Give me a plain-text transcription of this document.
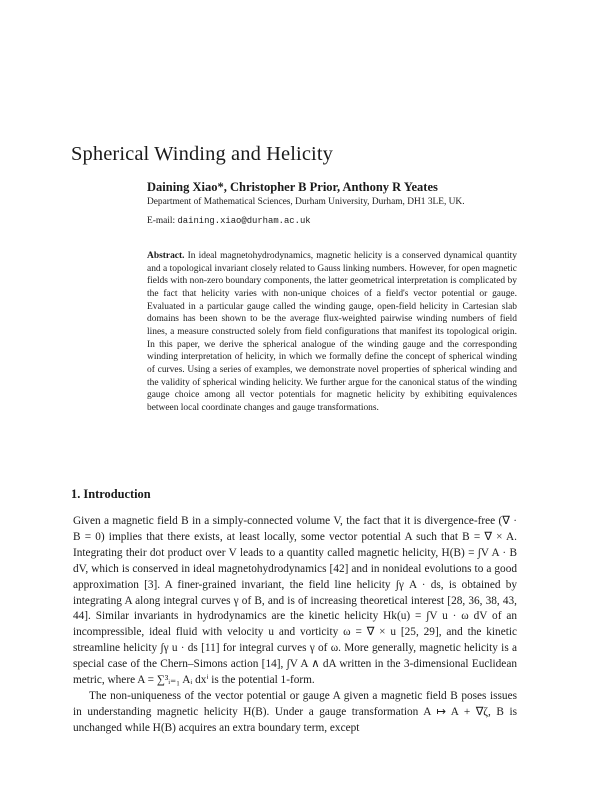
Spherical Winding and Helicity

Daining Xiao*, Christopher B Prior, Anthony R Yeates

Department of Mathematical Sciences, Durham University, Durham, DH1 3LE, UK.

E-mail: daining.xiao@durham.ac.uk

Abstract. In ideal magnetohydrodynamics, magnetic helicity is a conserved dynamical quantity and a topological invariant closely related to Gauss linking numbers. However, for open magnetic fields with non-zero boundary components, the latter geometrical interpretation is complicated by the fact that helicity varies with non-unique choices of a field's vector potential or gauge. Evaluated in a particular gauge called the winding gauge, open-field helicity in Cartesian slab domains has been shown to be the average flux-weighted pairwise winding numbers of field lines, a measure constructed solely from field configurations that manifest its topological origin. In this paper, we derive the spherical analogue of the winding gauge and the corresponding winding interpretation of helicity, in which we formally define the concept of spherical winding of curves. Using a series of examples, we demonstrate novel properties of spherical winding and the validity of spherical winding helicity. We further argue for the canonical status of the winding gauge choice among all vector potentials for magnetic helicity by exhibiting equivalences between local coordinate changes and gauge transformations.

1. Introduction

Given a magnetic field B in a simply-connected volume V, the fact that it is divergence-free (∇ · B = 0) implies that there exists, at least locally, some vector potential A such that B = ∇ × A. Integrating their dot product over V leads to a quantity called magnetic helicity, H(B) = ∫V A · B dV, which is conserved in ideal magnetohydrodynamics [42] and in nonideal evolutions to a good approximation [3]. A finer-grained invariant, the field line helicity ∫γ A · ds, is obtained by integrating A along integral curves γ of B, and is of increasing theoretical interest [28, 36, 38, 43, 44]. Similar invariants in hydrodynamics are the kinetic helicity Hk(u) = ∫V u · ω dV of an incompressible, ideal fluid with velocity u and vorticity ω = ∇ × u [25, 29], and the kinetic streamline helicity ∫γ u · ds [11] for integral curves γ of ω. More generally, magnetic helicity is a special case of the Chern–Simons action [14], ∫V A ∧ dA written in the 3-dimensional Euclidean metric, where A = ∑³ᵢ₌₁ Aᵢ dxⁱ is the potential 1-form.

The non-uniqueness of the vector potential or gauge A given a magnetic field B poses issues in understanding magnetic helicity H(B). Under a gauge transformation A ↦ A + ∇ζ, B is unchanged while H(B) acquires an extra boundary term, except
